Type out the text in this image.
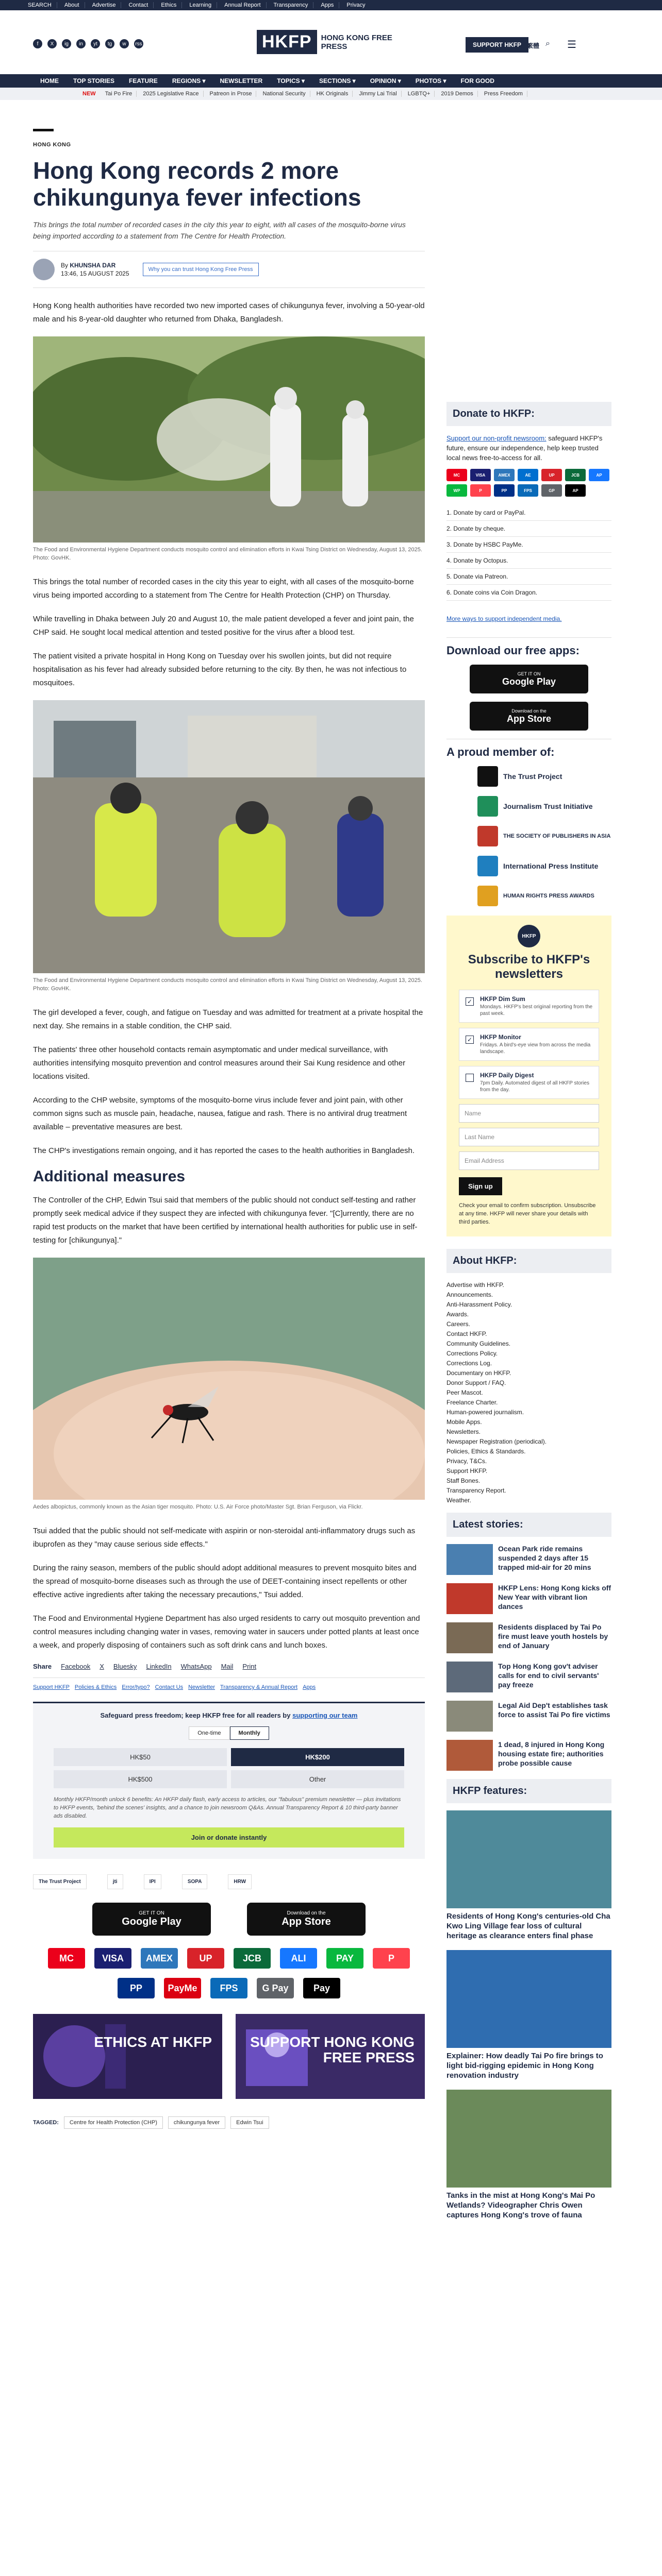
SEARCH	About	Advertise	Contact	Ethics	Learning	Annual Report	Transparency	Apps	Privacy
f	X	ig	in	yt	tg	w	rss	HKFP	HONG KONG FREE PRESS	SUPPORT HKFP 繁體 ⌕ ☰
HOME	TOP STORIES	FEATURE	REGIONS ▾	NEWSLETTER	TOPICS ▾	SECTIONS ▾	OPINION ▾	PHOTOS ▾	FOR GOOD
NEW	Tai Po Fire	2025 Legislative Race	Patreon in Prose	National Security	HK Originals	Jimmy Lai Trial	LGBTQ+	2019 Demos	Press Freedom
HONG KONG
Hong Kong records 2 more chikungunya fever infections

This brings the total number of recorded cases in the city this year to eight, with all cases of the mosquito-borne virus being imported according to a statement from The Centre for Health Protection.

By KHUNSHA DAR
13:46, 15 AUGUST 2025
Why you can trust Hong Kong Free Press

Hong Kong health authorities have recorded two new imported cases of chikungunya fever, involving a 50-year-old male and his 8-year-old daughter who returned from Dhaka, Bangladesh.

The Food and Environmental Hygiene Department conducts mosquito control and elimination efforts in Kwai Tsing District on Wednesday, August 13, 2025. Photo: GovHK.

This brings the total number of recorded cases in the city this year to eight, with all cases of the mosquito-borne virus being imported according to a statement from The Centre for Health Protection (CHP) on Thursday.

While travelling in Dhaka between July 20 and August 10, the male patient developed a fever and joint pain, the CHP said. He sought local medical attention and tested positive for the virus after a blood test.

The patient visited a private hospital in Hong Kong on Tuesday over his swollen joints, but did not require hospitalisation as his fever had already subsided before returning to the city. By then, he was not infectious to mosquitoes.

The Food and Environmental Hygiene Department conducts mosquito control and elimination efforts in Kwai Tsing District on Wednesday, August 13, 2025. Photo: GovHK.

The girl developed a fever, cough, and fatigue on Tuesday and was admitted for treatment at a private hospital the next day. She remains in a stable condition, the CHP said.

The patients' three other household contacts remain asymptomatic and under medical surveillance, with authorities intensifying mosquito prevention and control measures around their Sai Kung residence and other locations visited.

According to the CHP website, symptoms of the mosquito-borne virus include fever and joint pain, with other common signs such as muscle pain, headache, nausea, fatigue and rash. There is no antiviral drug treatment available – preventative measures are best.

The CHP's investigations remain ongoing, and it has reported the cases to the health authorities in Bangladesh.

Additional measures

The Controller of the CHP, Edwin Tsui said that members of the public should not conduct self-testing and rather promptly seek medical advice if they suspect they are infected with chikungunya fever. "[C]urrently, there are no rapid test products on the market that have been certified by international health authorities for public use in self-testing for [chikungunya]."

Aedes albopictus, commonly known as the Asian tiger mosquito. Photo: U.S. Air Force photo/Master Sgt. Brian Ferguson, via Flickr.

Tsui added that the public should not self-medicate with aspirin or non-steroidal anti-inflammatory drugs such as ibuprofen as they "may cause serious side effects."

During the rainy season, members of the public should adopt additional measures to prevent mosquito bites and the spread of mosquito-borne diseases such as through the use of DEET-containing insect repellents or other effective active ingredients after taking the necessary precautions," Tsui added.

The Food and Environmental Hygiene Department has also urged residents to carry out mosquito prevention and control measures including changing water in vases, removing water in saucers under potted plants at least once a week, and properly disposing of containers such as soft drink cans and lunch boxes.

Share Facebook X Bluesky LinkedIn WhatsApp Mail Print
Support HKFP Policies & Ethics Error/typo? Contact Us Newsletter Transparency & Annual Report Apps
Safeguard press freedom; keep HKFP free for all readers by supporting our team
One-time	Monthly
HK$50	HK$200
HK$500	Other
Monthly HKFP/month unlock 6 benefits: An HKFP daily flash, early access to articles, our "fabulous" premium newsletter — plus invitations to HKFP events, 'behind the scenes' insights, and a chance to join newsroom Q&As. Annual Transparency Report & 10 third-party banner ads disabled.
Join or donate instantly
The Trust Project	jti	IPI	SOPA	HRW
GET IT ON
Google Play
Download on the
App Store
MC	VISA	AMEX	UP	JCB	ALI	PAY	P
PP	PayMe	FPS	G Pay	Pay
ETHICS AT HKFP	SUPPORT HONG KONG FREE PRESS
TAGGED:	Centre for Health Protection (CHP)	chikungunya fever	Edwin Tsui
Donate to HKFP:

Support our non-profit newsroom: safeguard HKFP's future, ensure our independence, help keep trusted local news free-to-access for all.

MC	VISA	AMEX	AE	UP	JCB	AP
WP	P	PP	FPS	GP	AP
1. Donate by card or PayPal.
2. Donate by cheque.
3. Donate by HSBC PayMe.
4. Donate by Octopus.
5. Donate via Patreon.
6. Donate coins via Coin Dragon.

More ways to support independent media.

Download our free apps:
GET IT ON
Google Play
Download on the
App Store
A proud member of:
The Trust Project
Journalism Trust Initiative
THE SOCIETY OF PUBLISHERS IN ASIA
International Press Institute
HUMAN RIGHTS PRESS AWARDS
HKFP
Subscribe to HKFP's newsletters
✓ HKFP Dim Sum
Mondays. HKFP's best original reporting from the past week.
✓ HKFP Monitor
Fridays. A bird's-eye view from across the media landscape.
HKFP Daily Digest
7pm Daily. Automated digest of all HKFP stories from the day.
Name
Last Name
Email Address
Sign up
Check your email to confirm subscription. Unsubscribe at any time. HKFP will never share your details with third parties.
About HKFP:
Advertise with HKFP.
Announcements.
Anti-Harassment Policy.
Awards.
Careers.
Contact HKFP.
Community Guidelines.
Corrections Policy.
Corrections Log.
Documentary on HKFP.
Donor Support / FAQ.
Peer Mascot.
Freelance Charter.
Human-powered journalism.
Mobile Apps.
Newsletters.
Newspaper Registration (periodical).
Policies, Ethics & Standards.
Privacy, T&Cs.
Support HKFP.
Staff Bones.
Transparency Report.
Weather.
Latest stories:
Ocean Park ride remains suspended 2 days after 15 trapped mid-air for 20 mins
HKFP Lens: Hong Kong kicks off New Year with vibrant lion dances
Residents displaced by Tai Po fire must leave youth hostels by end of January
Top Hong Kong gov't adviser calls for end to civil servants' pay freeze
Legal Aid Dep't establishes task force to assist Tai Po fire victims
1 dead, 8 injured in Hong Kong housing estate fire; authorities probe possible cause
HKFP features:
Residents of Hong Kong's centuries-old Cha Kwo Ling Village fear loss of cultural heritage as clearance enters final phase
Explainer: How deadly Tai Po fire brings to light bid-rigging epidemic in Hong Kong renovation industry
Tanks in the mist at Hong Kong's Mai Po Wetlands? Videographer Chris Owen captures Hong Kong's trove of fauna
